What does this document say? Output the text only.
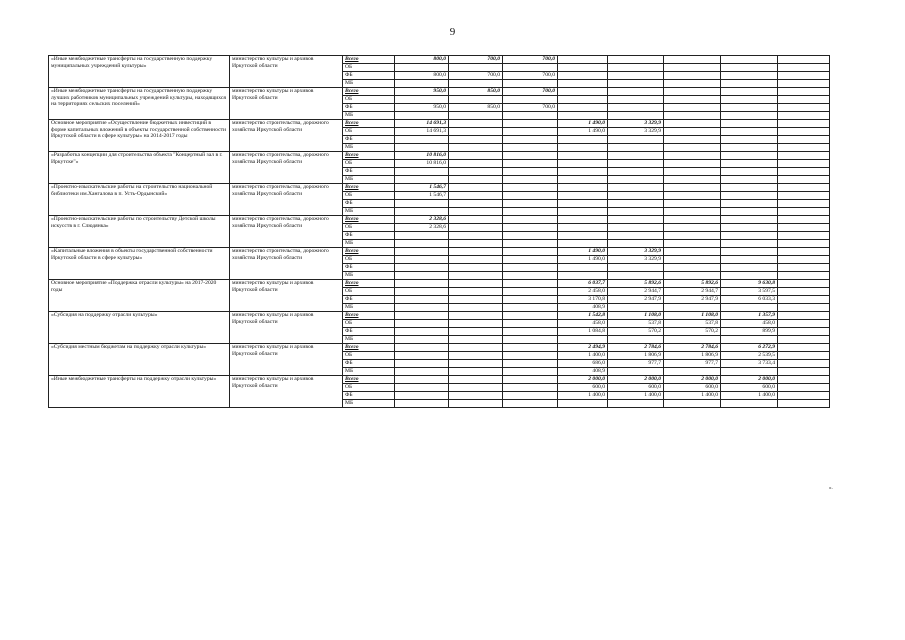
9
«Иные межбюджетные трансферты на государственную поддержку муниципальных учреждений культуры»	министерство культуры и архивов Иркутской области	Всего	800,0	700,0	700,0					
		ОБ								
		ФБ	800,0	700,0	700,0					
		МБ								
«Иные межбюджетные трансферты на государственную поддержку лучших работников муниципальных учреждений культуры, находящихся на территориях сельских поселений»	министерство культуры и архивов Иркутской области	Всего	950,0	850,0	700,0					
		ОБ								
		ФБ	950,0	850,0	700,0					
		МБ								
Основное мероприятие «Осуществление бюджетных инвестиций в форме капитальных вложений в объекты государственной собственности Иркутской области в сфере культуры» на 2014-2017 годы	министерство строительства, дорожного хозяйства Иркутской области	Всего	14 691,3			1 490,0	3 329,9			
		ОБ	14 691,3			1 490,0	3 329,9			
		ФБ								
		МБ								
«Разработка концепции для строительства объекта "Концертный зал в г. Иркутске"»	министерство строительства, дорожного хозяйства Иркутской области	Всего	10 816,0							
		ОБ	10 816,0							
		ФБ								
		МБ								
«Проектно-изыскательские работы на строительство национальной библиотеки им.Хангалова в п. Усть-Ордынский»	министерство строительства, дорожного хозяйства Иркутской области	Всего	1 546,7							
		ОБ	1 546,7							
		ФБ								
		МБ								
«Проектно-изыскательские работы по строительству Детской школы искусств в г. Слюдянка»	министерство строительства, дорожного хозяйства Иркутской области	Всего	2 328,6							
		ОБ	2 328,6							
		ФБ								
		МБ								
«Капитальные вложения в объекты государственной собственности Иркутской области в сфере культуры»	министерство строительства, дорожного хозяйства Иркутской области	Всего				1 490,0	3 329,9			
		ОБ				1 490,0	3 329,9			
		ФБ								
		МБ								
Основное мероприятие «Поддержка отрасли культуры» на 2017-2020 годы	министерство культуры и архивов Иркутской области	Всего				6 037,7	5 892,6	5 892,6	9 630,8	
		ОБ				2 458,0	2 944,7	2 944,7	3 597,5	
		ФБ				3 170,8	2 947,9	2 947,9	6 033,3	
		МБ				408,9				
«Субсидия на поддержку отрасли культуры»	министерство культуры и архивов Иркутской области	Всего				1 542,8	1 108,0	1 108,0	1 357,9	
		ОБ				458,0	537,8	537,8	458,0	
		ФБ				1 084,8	570,2	570,2	899,9	
		МБ								
«Субсидия местным бюджетам на поддержку отрасли культуры»	министерство культуры и архивов Иркутской области	Всего				2 494,9	2 784,6	2 784,6	6 272,9	
		ОБ				1 400,0	1 806,9	1 806,9	2 539,5	
		ФБ				686,0	977,7	977,7	3 733,4	
		МБ				408,9				
«Иные межбюджетные трансферты на поддержку отрасли культуры»	министерство культуры и архивов Иркутской области	Всего				2 000,0	2 000,0	2 000,0	2 000,0	
		ОБ				600,0	600,0	600,0	600,0	
		ФБ				1 400,0	1 400,0	1 400,0	1 400,0	
		МБ								
».
